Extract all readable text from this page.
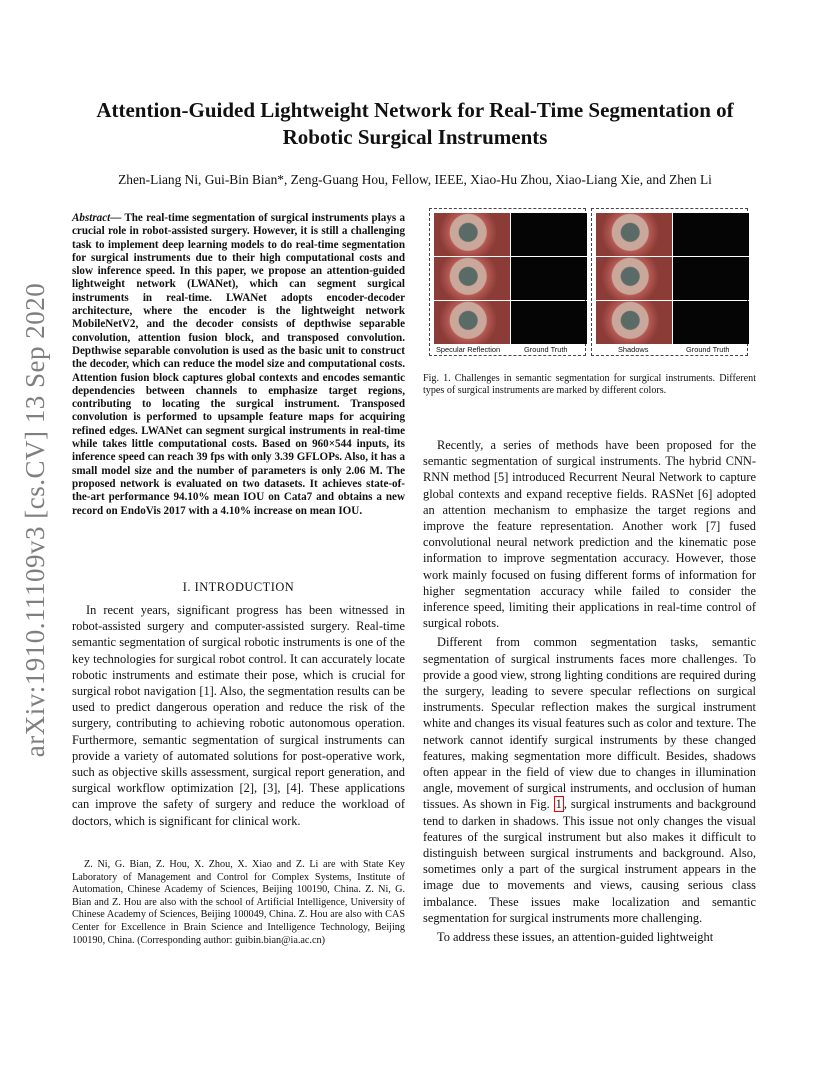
arXiv:1910.11109v3 [cs.CV] 13 Sep 2020
Attention-Guided Lightweight Network for Real-Time Segmentation of Robotic Surgical Instruments
Zhen-Liang Ni, Gui-Bin Bian*, Zeng-Guang Hou, Fellow, IEEE, Xiao-Hu Zhou, Xiao-Liang Xie, and Zhen Li
Abstract— The real-time segmentation of surgical instruments plays a crucial role in robot-assisted surgery. However, it is still a challenging task to implement deep learning models to do real-time segmentation for surgical instruments due to their high computational costs and slow inference speed. In this paper, we propose an attention-guided lightweight network (LWANet), which can segment surgical instruments in real-time. LWANet adopts encoder-decoder architecture, where the encoder is the lightweight network MobileNetV2, and the decoder consists of depthwise separable convolution, attention fusion block, and transposed convolution. Depthwise separable convolution is used as the basic unit to construct the decoder, which can reduce the model size and computational costs. Attention fusion block captures global contexts and encodes semantic dependencies between channels to emphasize target regions, contributing to locating the surgical instrument. Transposed convolution is performed to upsample feature maps for acquiring refined edges. LWANet can segment surgical instruments in real-time while takes little computational costs. Based on 960×544 inputs, its inference speed can reach 39 fps with only 3.39 GFLOPs. Also, it has a small model size and the number of parameters is only 2.06 M. The proposed network is evaluated on two datasets. It achieves state-of-the-art performance 94.10% mean IOU on Cata7 and obtains a new record on EndoVis 2017 with a 4.10% increase on mean IOU.
I. INTRODUCTION

In recent years, significant progress has been witnessed in robot-assisted surgery and computer-assisted surgery. Real-time semantic segmentation of surgical robotic instruments is one of the key technologies for surgical robot control. It can accurately locate robotic instruments and estimate their pose, which is crucial for surgical robot navigation [1]. Also, the segmentation results can be used to predict dangerous operation and reduce the risk of the surgery, contributing to achieving robotic autonomous operation. Furthermore, semantic segmentation of surgical instruments can provide a variety of automated solutions for post-operative work, such as objective skills assessment, surgical report generation, and surgical workflow optimization [2], [3], [4]. These applications can improve the safety of surgery and reduce the workload of doctors, which is significant for clinical work.

Z. Ni, G. Bian, Z. Hou, X. Zhou, X. Xiao and Z. Li are with State Key Laboratory of Management and Control for Complex Systems, Institute of Automation, Chinese Academy of Sciences, Beijing 100190, China. Z. Ni, G. Bian and Z. Hou are also with the school of Artificial Intelligence, University of Chinese Academy of Sciences, Beijing 100049, China. Z. Hou are also with CAS Center for Excellence in Brain Science and Intelligence Technology, Beijing 100190, China. (Corresponding author: guibin.bian@ia.ac.cn)

Specular Reflection	Ground Truth	Shadows	Ground Truth
Fig. 1. Challenges in semantic segmentation for surgical instruments. Different types of surgical instruments are marked by different colors.

Recently, a series of methods have been proposed for the semantic segmentation of surgical instruments. The hybrid CNN-RNN method [5] introduced Recurrent Neural Network to capture global contexts and expand receptive fields. RASNet [6] adopted an attention mechanism to emphasize the target regions and improve the feature representation. Another work [7] fused convolutional neural network prediction and the kinematic pose information to improve segmentation accuracy. However, those work mainly focused on fusing different forms of information for higher segmentation accuracy while failed to consider the inference speed, limiting their applications in real-time control of surgical robots.

Different from common segmentation tasks, semantic segmentation of surgical instruments faces more challenges. To provide a good view, strong lighting conditions are required during the surgery, leading to severe specular reflections on surgical instruments. Specular reflection makes the surgical instrument white and changes its visual features such as color and texture. The network cannot identify surgical instruments by these changed features, making segmentation more difficult. Besides, shadows often appear in the field of view due to changes in illumination angle, movement of surgical instruments, and occlusion of human tissues. As shown in Fig. 1 , surgical instruments and background tend to darken in shadows. This issue not only changes the visual features of the surgical instrument but also makes it difficult to distinguish between surgical instruments and background. Also, sometimes only a part of the surgical instrument appears in the image due to movements and views, causing serious class imbalance. These issues make localization and semantic segmentation for surgical instruments more challenging.

To address these issues, an attention-guided lightweight
